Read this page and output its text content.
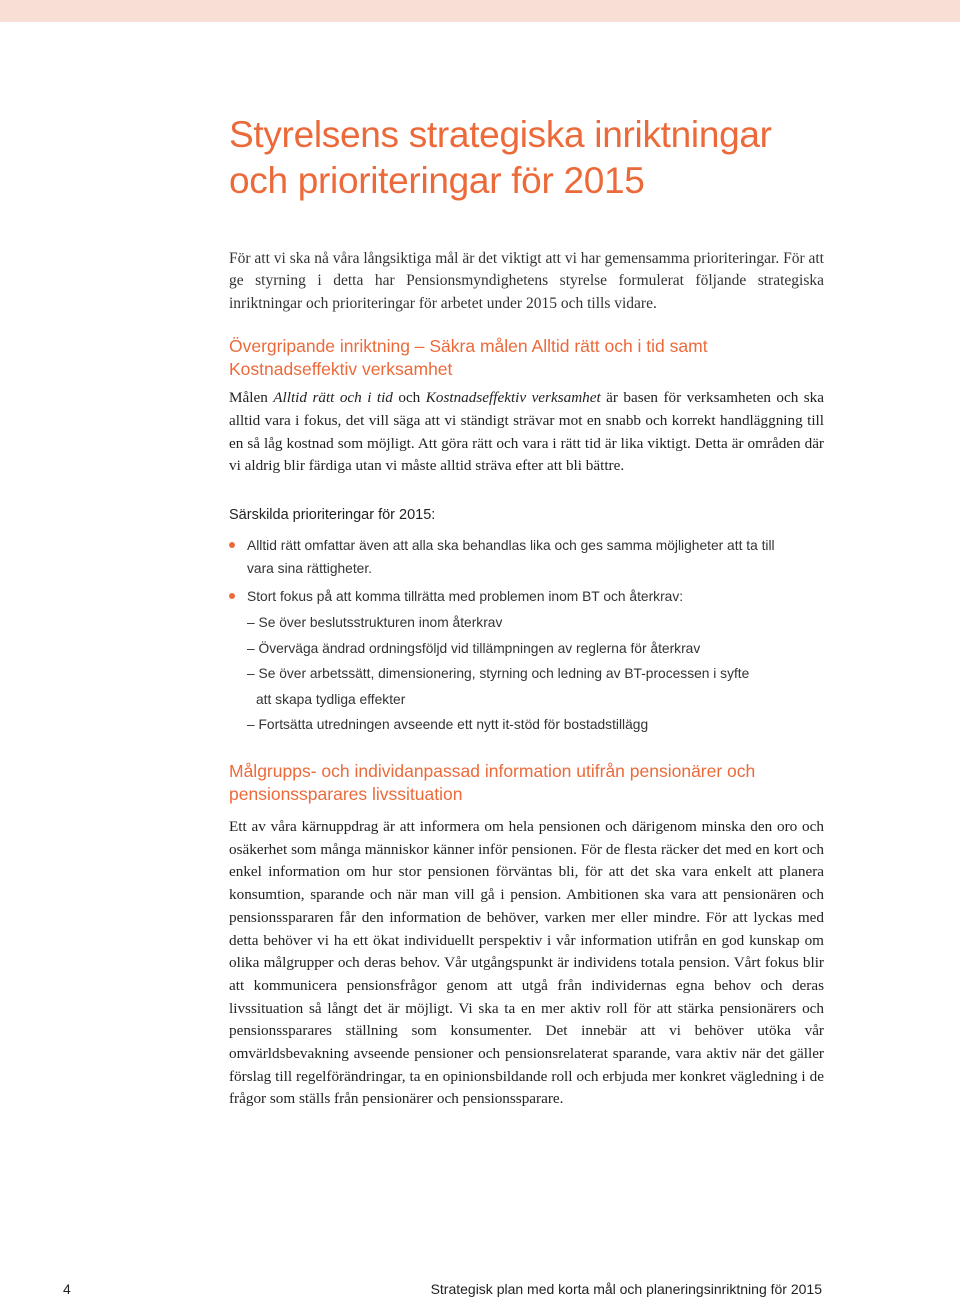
Styrelsens strategiska inriktningar
och prioriteringar för 2015

För att vi ska nå våra långsiktiga mål är det viktigt att vi har gemensamma prioriteringar. För att ge styrning i detta har Pensionsmyndighetens styrelse formulerat följande strategiska inriktningar och prioriteringar för arbetet under 2015 och tills vidare.

Övergripande inriktning – Säkra målen Alltid rätt och i tid samt
Kostnadseffektiv verksamhet

Målen Alltid rätt och i tid och Kostnadseffektiv verksamhet är basen för verksamheten och ska alltid vara i fokus, det vill säga att vi ständigt strävar mot en snabb och korrekt handläggning till en så låg kostnad som möjligt. Att göra rätt och vara i rätt tid är lika viktigt. Detta är områden där vi aldrig blir färdiga utan vi måste alltid sträva efter att bli bättre.

Särskilda prioriteringar för 2015:
Alltid rätt omfattar även att alla ska behandlas lika och ges samma möjligheter att ta till
vara sina rättigheter.
Stort fokus på att komma tillrätta med problemen inom BT och återkrav:
– Se över beslutsstrukturen inom återkrav
– Överväga ändrad ordningsföljd vid tillämpningen av reglerna för återkrav
– Se över arbetssätt, dimensionering, styrning och ledning av BT-processen i syfte
att skapa tydliga effekter
– Fortsätta utredningen avseende ett nytt it-stöd för bostadstillägg
Målgrupps- och individanpassad information utifrån pensionärer och
pensionssparares livssituation

Ett av våra kärnuppdrag är att informera om hela pensionen och därigenom minska den oro och osäkerhet som många människor känner inför pensionen. För de flesta räcker det med en kort och enkel information om hur stor pensionen förväntas bli, för att det ska vara enkelt att planera konsumtion, sparande och när man vill gå i pension. Ambitionen ska vara att pensionären och pensionsspararen får den information de behöver, varken mer eller mindre. För att lyckas med detta behöver vi ha ett ökat individuellt perspektiv i vår information utifrån en god kunskap om olika målgrupper och deras behov. Vår utgångspunkt är individens totala pension. Vårt fokus blir att kommunicera pensionsfrågor genom att utgå från individernas egna behov och deras livssituation så långt det är möjligt. Vi ska ta en mer aktiv roll för att stärka pensionärers och pensionssparares ställning som konsumenter. Det innebär att vi behöver utöka vår omvärldsbevakning avseende pensioner och pensionsrelaterat sparande, vara aktiv när det gäller förslag till regelförändringar, ta en opinionsbildande roll och erbjuda mer konkret vägledning i de frågor som ställs från pensionärer och pensionssparare.

4	Strategisk plan med korta mål och planeringsinriktning för 2015
